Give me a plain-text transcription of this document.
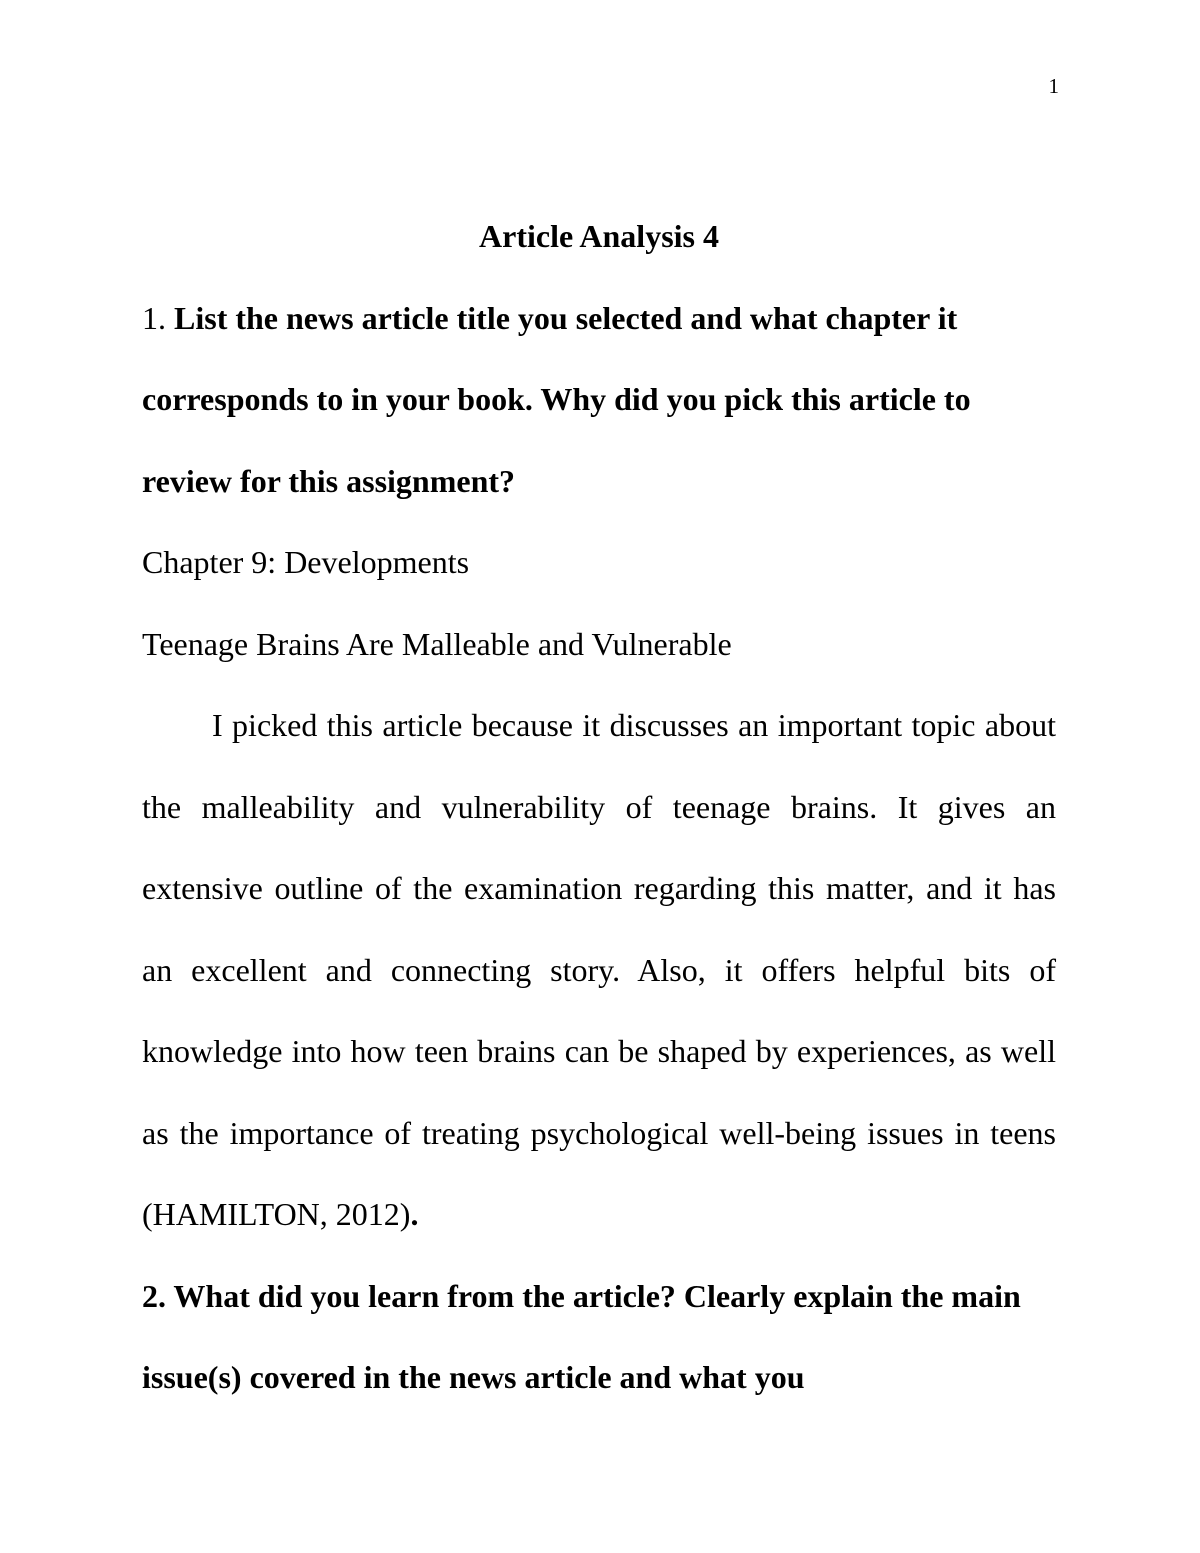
1

Article Analysis 4

1. List the news article title you selected and what chapter it corresponds to in your book. Why did you pick this article to review for this assignment?

Chapter 9: Developments

Teenage Brains Are Malleable and Vulnerable

I picked this article because it discusses an important topic about the malleability and vulnerability of teenage brains. It gives an extensive outline of the examination regarding this matter, and it has an excellent and connecting story. Also, it offers helpful bits of knowledge into how teen brains can be shaped by experiences, as well as the importance of treating psychological well-being issues in teens (HAMILTON, 2012).

2. What did you learn from the article? Clearly explain the main issue(s) covered in the news article and what you
